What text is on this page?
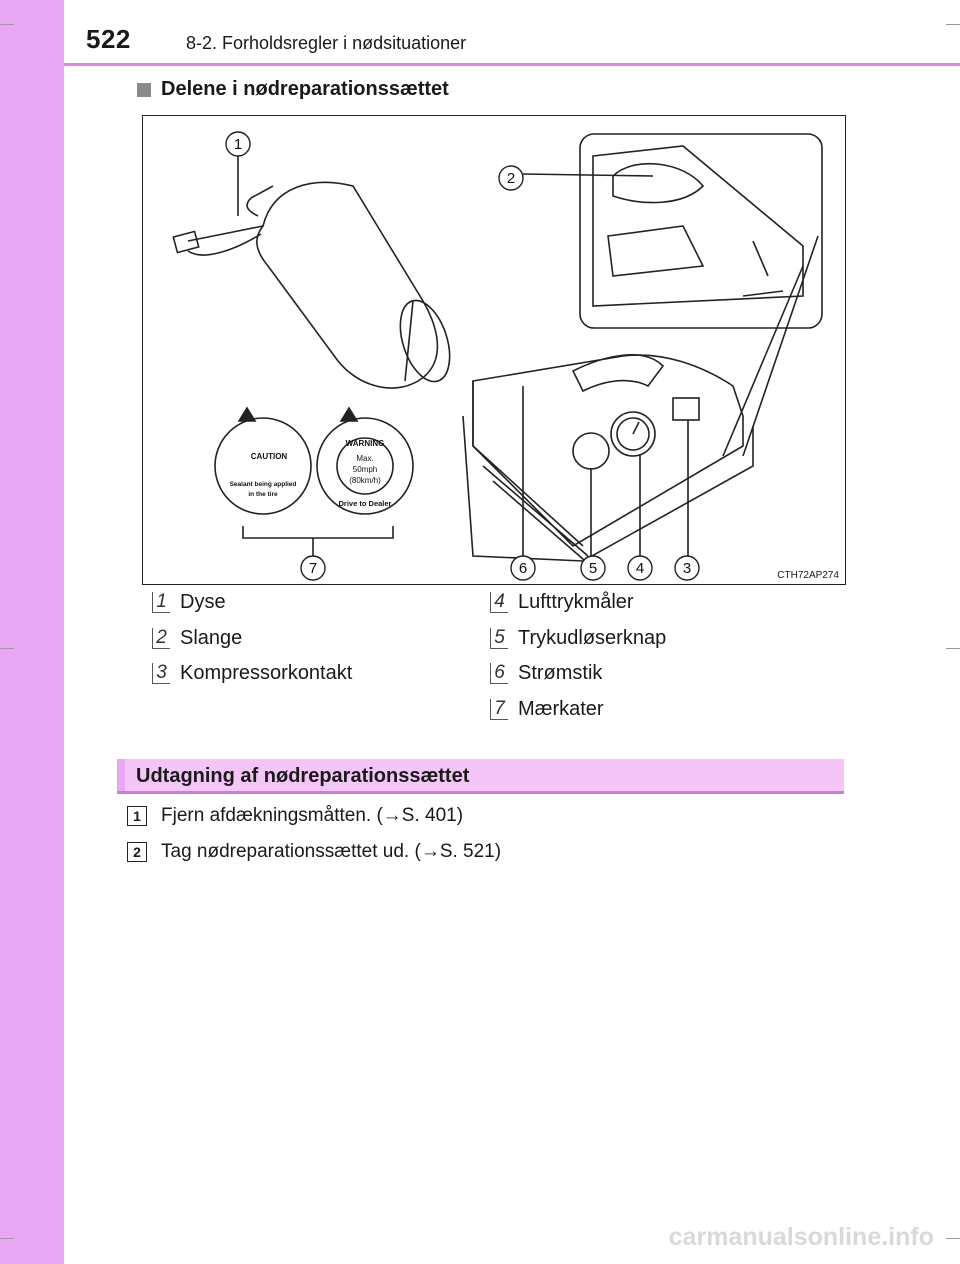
522	8-2. Forholdsregler i nødsituationer
Delene i nødreparationssættet
1
2
3
4
5
6
7
CAUTION
Sealant being applied
in the tire
WARNING
Max.
50mph
(80km/h)
Drive to Dealer
CTH72AP274
1 Dyse
2 Slange
3 Kompressorkontakt
4 Lufttrykmåler
5 Trykudløserknap
6 Strømstik
7 Mærkater
Udtagning af nødreparationssættet
1	Fjern afdækningsmåtten. ( → S. 401)
2	Tag nødreparationssættet ud. ( → S. 521)
carmanualsonline.info
